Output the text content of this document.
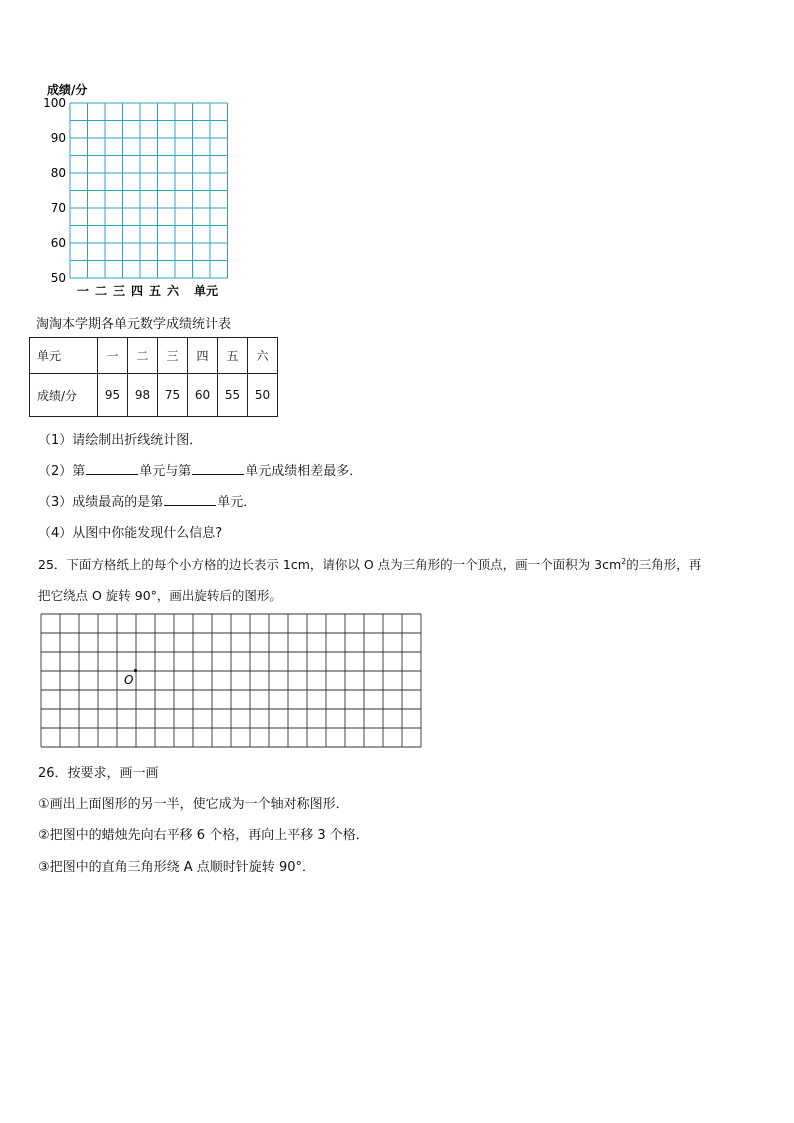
成绩/分
100
90
80
70
60
50
一 二 三 四 五 六 单元
淘淘本学期各单元数学成绩统计表
单元	一	二	三	四	五	六
成绩/分	95	98	75	60	55	50
（1）请绘制出折线统计图．
（2）第	单元与第	单元成绩相差最多．
（3）成绩最高的是第	单元．
（4）从图中你能发现什么信息?
25．下面方格纸上的每个小方格的边长表示 1cm，请你以 O 点为三角形的一个顶点，画一个面积为 $3cm^2$的三角形，再
把它绕点 O 旋转 90°，画出旋转后的图形。
O
26．按要求，画一画
①画出上面图形的另一半，使它成为一个轴对称图形．
②把图中的蜡烛先向右平移 6 个格，再向上平移 3 个格．
③把图中的直角三角形绕 A 点顺时针旋转 90°．
